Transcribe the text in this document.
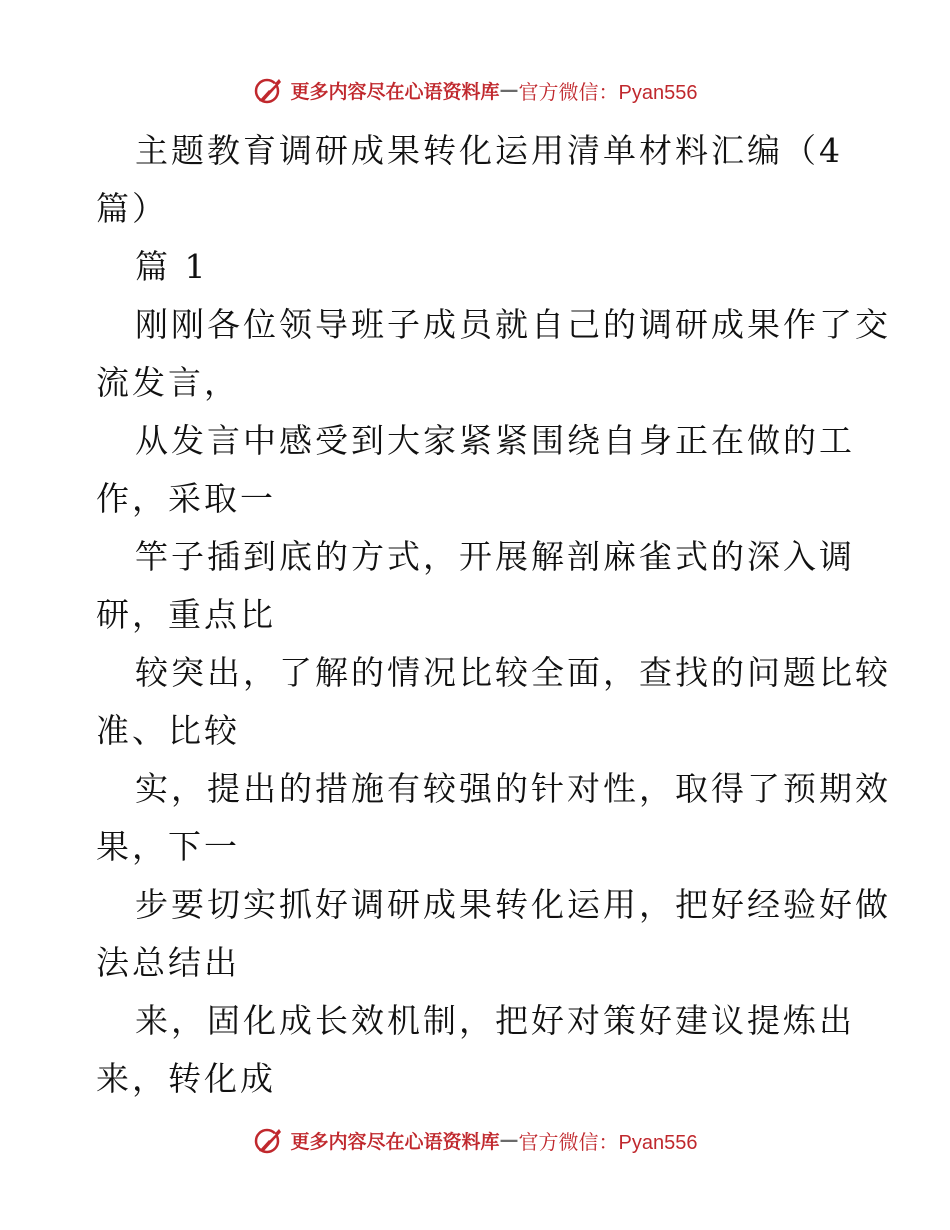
更多内容尽在心语资料库 — 官方微信：Pyan556
主题教育调研成果转化运用清单材料汇编（4
篇）
篇 1
刚刚各位领导班子成员就自己的调研成果作了交
流发言，
从发言中感受到大家紧紧围绕自身正在做的工
作，采取一
竿子插到底的方式，开展解剖麻雀式的深入调
研，重点比
较突出，了解的情况比较全面，查找的问题比较
准、比较
实，提出的措施有较强的针对性，取得了预期效
果，下一
步要切实抓好调研成果转化运用，把好经验好做
法总结出
来，固化成长效机制，把好对策好建议提炼出
来，转化成
更多内容尽在心语资料库 — 官方微信：Pyan556
